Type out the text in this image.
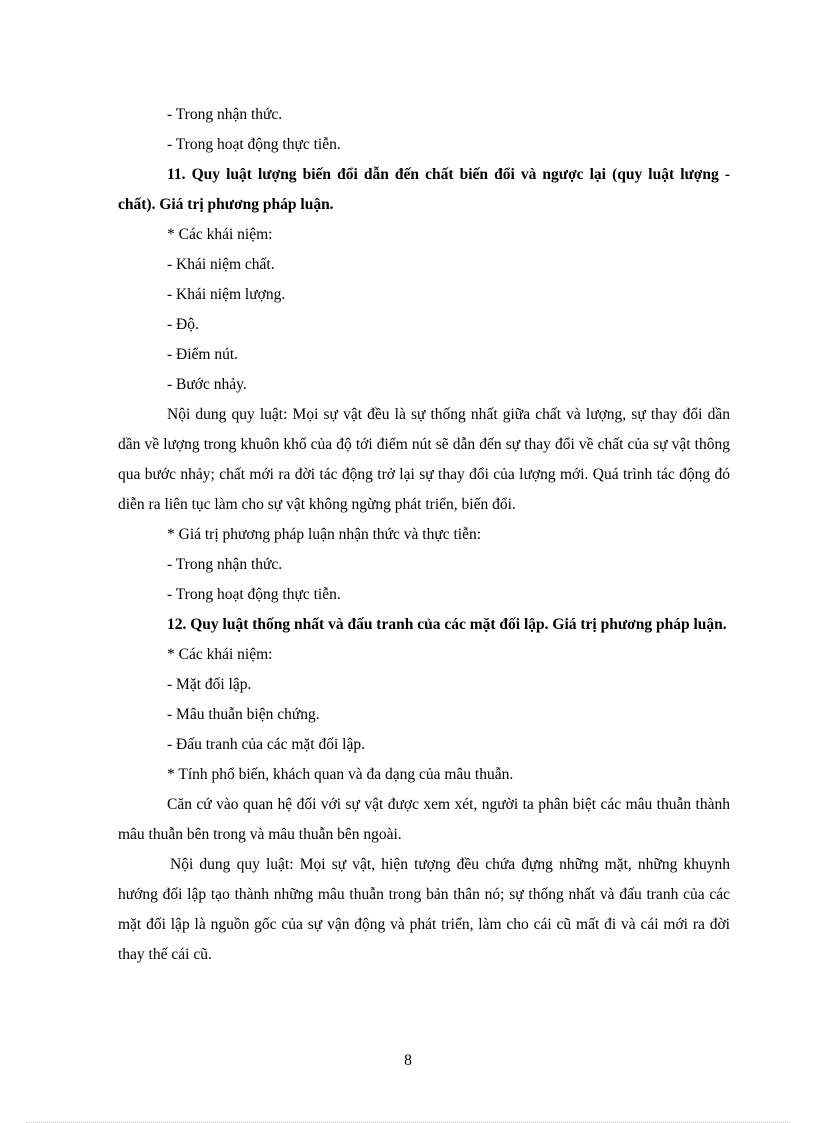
- Trong nhận thức.

- Trong hoạt động thực tiễn.

11. Quy luật lượng biến đổi dẫn đến chất biến đổi và ngược lại (quy luật lượng - chất). Giá trị phương pháp luận.

* Các khái niệm:

- Khái niệm chất.

- Khái niệm lượng.

- Độ.

- Điểm nút.

- Bước nhảy.

Nội dung quy luật: Mọi sự vật đều là sự thống nhất giữa chất và lượng, sự thay đổi dần dần về lượng trong khuôn khổ của độ tới điểm nút sẽ dẫn đến sự thay đổi về chất của sự vật thông qua bước nhảy; chất mới ra đời tác động trở lại sự thay đổi của lượng mới. Quá trình tác động đó diễn ra liên tục làm cho sự vật không ngừng phát triển, biến đổi.

* Giá trị phương pháp luận nhận thức và thực tiễn:

- Trong nhận thức.

- Trong hoạt động thực tiễn.

12. Quy luật thống nhất và đấu tranh của các mặt đối lập. Giá trị phương pháp luận.

* Các khái niệm:

- Mặt đối lập.

- Mâu thuẫn biện chứng.

- Đấu tranh của các mặt đối lập.

* Tính phổ biến, khách quan và đa dạng của mâu thuẫn.

Căn cứ vào quan hệ đối với sự vật được xem xét, người ta phân biệt các mâu thuẫn thành mâu thuẫn bên trong và mâu thuẫn bên ngoài.

Nội dung quy luật: Mọi sự vật, hiện tượng đều chứa đựng những mặt, những khuynh hướng đối lập tạo thành những mâu thuẫn trong bản thân nó; sự thống nhất và đấu tranh của các mặt đối lập là nguồn gốc của sự vận động và phát triển, làm cho cái cũ mất đi và cái mới ra đời thay thế cái cũ.

8
